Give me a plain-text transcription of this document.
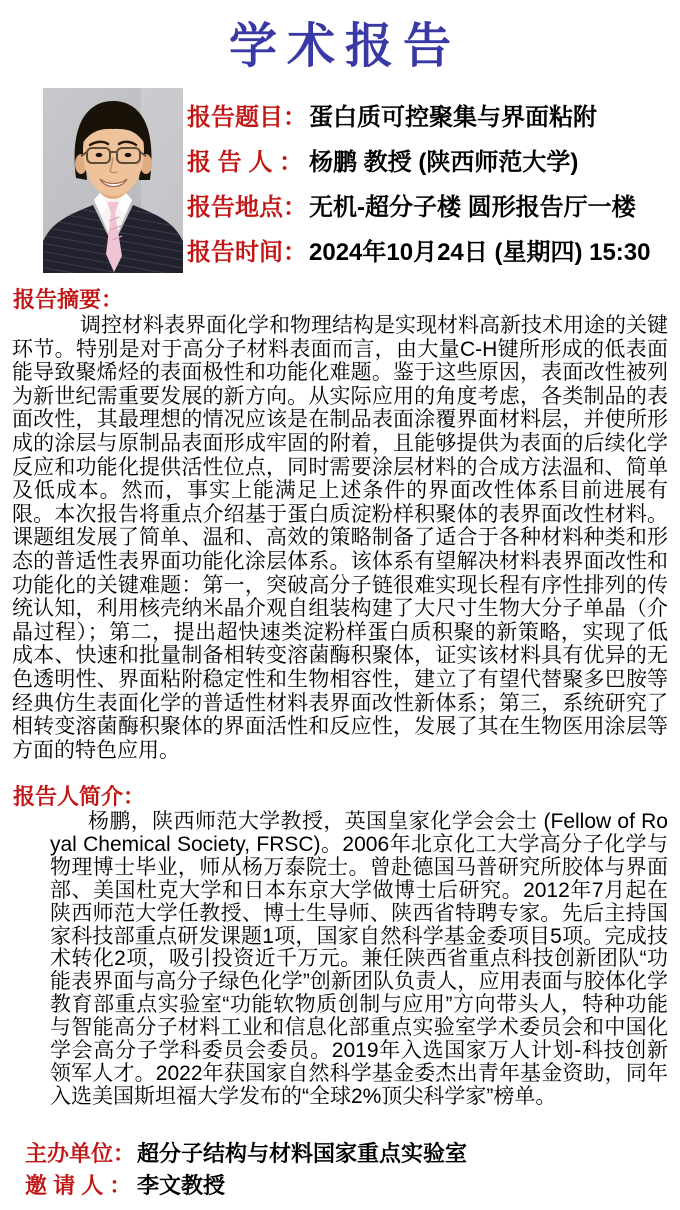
学术报告
报告题目： 蛋白质可控聚集与界面粘附
报 告 人 ： 杨鹏 教授 (陕西师范大学)
报告地点： 无机-超分子楼 圆形报告厅一楼
报告时间： 2024年10月24日 (星期四) 15:30
报告摘要：
调控材料表界面化学和物理结构是实现材料高新技术用途的关键环节。特别是对于高分子材料表面而言，由大量C-H键所形成的低表面能导致聚烯烃的表面极性和功能化难题。鉴于这些原因，表面改性被列为新世纪需重要发展的新方向。从实际应用的角度考虑，各类制品的表面改性，其最理想的情况应该是在制品表面涂覆界面材料层，并使所形成的涂层与原制品表面形成牢固的附着，且能够提供为表面的后续化学反应和功能化提供活性位点，同时需要涂层材料的合成方法温和、简单及低成本。然而，事实上能满足上述条件的界面改性体系目前进展有限。本次报告将重点介绍基于蛋白质淀粉样积聚体的表界面改性材料。课题组发展了简单、温和、高效的策略制备了适合于各种材料种类和形态的普适性表界面功能化涂层体系。该体系有望解决材料表界面改性和功能化的关键难题：第一，突破高分子链很难实现长程有序性排列的传统认知，利用核壳纳米晶介观自组装构建了大尺寸生物大分子单晶（介晶过程）；第二，提出超快速类淀粉样蛋白质积聚的新策略，实现了低成本、快速和批量制备相转变溶菌酶积聚体，证实该材料具有优异的无色透明性、界面粘附稳定性和生物相容性，建立了有望代替聚多巴胺等经典仿生表面化学的普适性材料表界面改性新体系；第三，系统研究了相转变溶菌酶积聚体的界面活性和反应性，发展了其在生物医用涂层等方面的特色应用。
报告人简介：
杨鹏，陕西师范大学教授，英国皇家化学会会士 (Fellow of Royal Chemical Society, FRSC)。2006年北京化工大学高分子化学与物理博士毕业，师从杨万泰院士。曾赴德国马普研究所胶体与界面部、美国杜克大学和日本东京大学做博士后研究。2012年7月起在陕西师范大学任教授、博士生导师、陕西省特聘专家。先后主持国家科技部重点研发课题1项，国家自然科学基金委项目5项。完成技术转化2项，吸引投资近千万元。兼任陕西省重点科技创新团队“功能表界面与高分子绿色化学”创新团队负责人，应用表面与胶体化学教育部重点实验室“功能软物质创制与应用”方向带头人，特种功能与智能高分子材料工业和信息化部重点实验室学术委员会和中国化学会高分子学科委员会委员。2019年入选国家万人计划-科技创新领军人才。2022年获国家自然科学基金委杰出青年基金资助，同年入选美国斯坦福大学发布的“全球2%顶尖科学家”榜单。
主办单位： 超分子结构与材料国家重点实验室
邀 请 人 ： 李文教授
